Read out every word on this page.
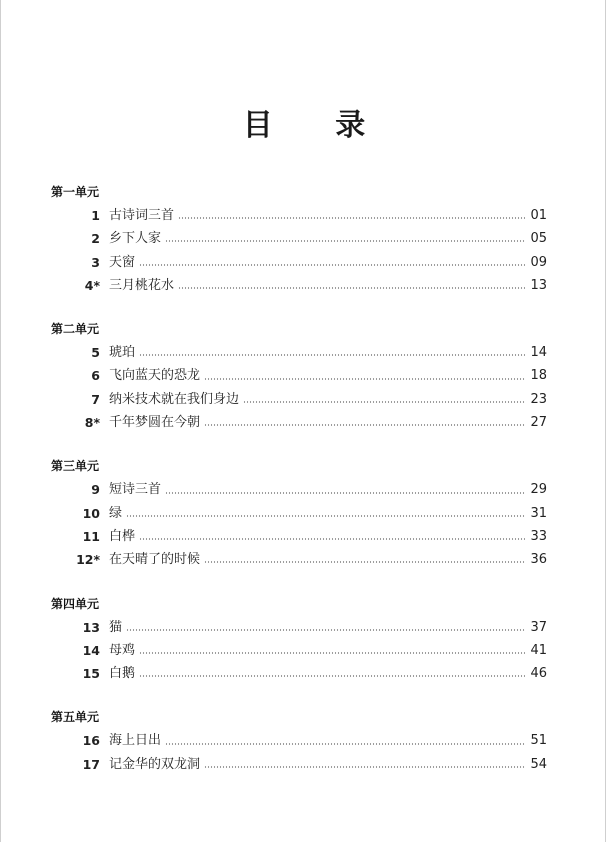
目 录
第一单元
1 古诗词三首	01
2 乡下人家	05
3 天窗	09
4* 三月桃花水	13
第二单元
5 琥珀	14
6 飞向蓝天的恐龙	18
7 纳米技术就在我们身边	23
8* 千年梦圆在今朝	27
第三单元
9 短诗三首	29
10 绿	31
11 白桦	33
12* 在天晴了的时候	36
第四单元
13 猫	37
14 母鸡	41
15 白鹅	46
第五单元
16 海上日出	51
17 记金华的双龙洞	54
